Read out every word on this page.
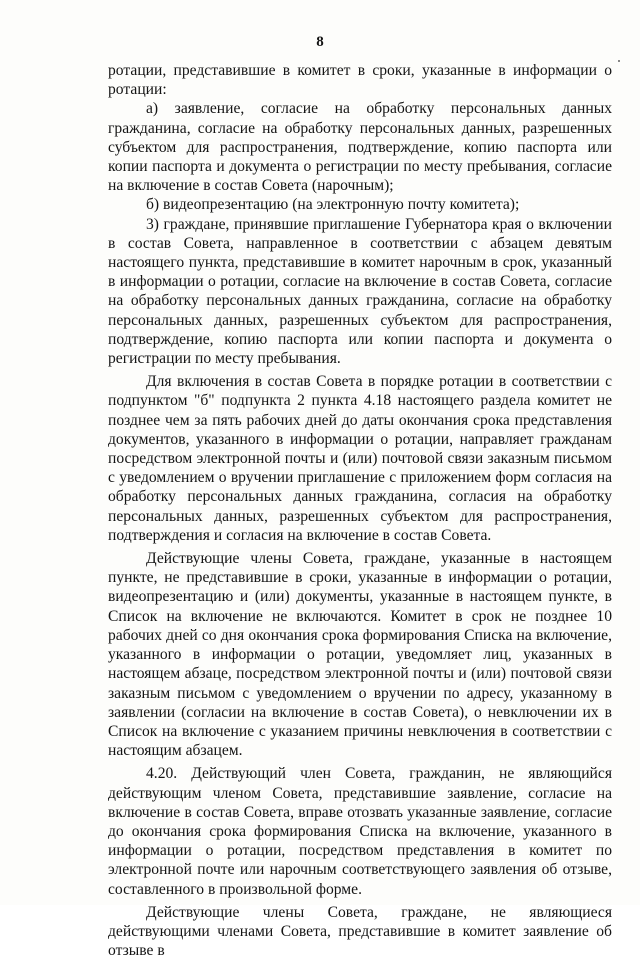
8

ротации, представившие в комитет в сроки, указанные в информации о ротации:

а) заявление, согласие на обработку персональных данных гражданина, согласие на обработку персональных данных, разрешенных субъектом для распространения, подтверждение, копию паспорта или копии паспорта и документа о регистрации по месту пребывания, согласие на включение в состав Совета (нарочным);

б) видеопрезентацию (на электронную почту комитета);

3) граждане, принявшие приглашение Губернатора края о включении в состав Совета, направленное в соответствии с абзацем девятым настоящего пункта, представившие в комитет нарочным в срок, указанный в информации о ротации, согласие на включение в состав Совета, согласие на обработку персональных данных гражданина, согласие на обработку персональных данных, разрешенных субъектом для распространения, подтверждение, копию паспорта или копии паспорта и документа о регистрации по месту пребывания.

Для включения в состав Совета в порядке ротации в соответствии с подпунктом "б" подпункта 2 пункта 4.18 настоящего раздела комитет не позднее чем за пять рабочих дней до даты окончания срока представления документов, указанного в информации о ротации, направляет гражданам посредством электронной почты и (или) почтовой связи заказным письмом с уведомлением о вручении приглашение с приложением форм согласия на обработку персональных данных гражданина, согласия на обработку персональных данных, разрешенных субъектом для распространения, подтверждения и согласия на включение в состав Совета.

Действующие члены Совета, граждане, указанные в настоящем пункте, не представившие в сроки, указанные в информации о ротации, видеопрезентацию и (или) документы, указанные в настоящем пункте, в Список на включение не включаются. Комитет в срок не позднее 10 рабочих дней со дня окончания срока формирования Списка на включение, указанного в информации о ротации, уведомляет лиц, указанных в настоящем абзаце, посредством электронной почты и (или) почтовой связи заказным письмом с уведомлением о вручении по адресу, указанному в заявлении (согласии на включение в состав Совета), о невключении их в Список на включение с указанием причины невключения в соответствии с настоящим абзацем.

4.20. Действующий член Совета, гражданин, не являющийся действующим членом Совета, представившие заявление, согласие на включение в состав Совета, вправе отозвать указанные заявление, согласие до окончания срока формирования Списка на включение, указанного в информации о ротации, посредством представления в комитет по электронной почте или нарочным соответствующего заявления об отзыве, составленного в произвольной форме.

Действующие члены Совета, граждане, не являющиеся действующими членами Совета, представившие в комитет заявление об отзыве в
